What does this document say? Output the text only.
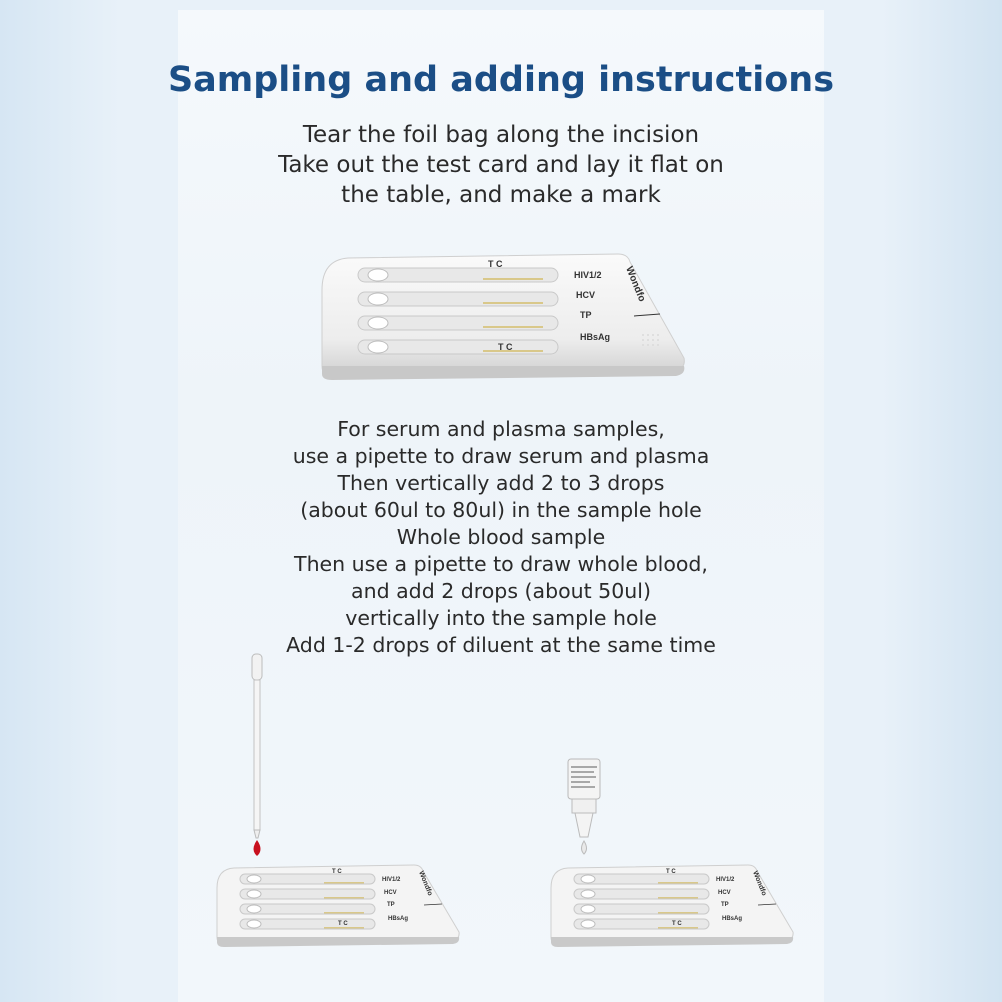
Sampling and adding instructions
Tear the foil bag along the incision
Take out the test card and lay it flat on
the table, and make a mark
T C
T C
HIV1/2
HCV
TP
HBsAg
Wondfo
For serum and plasma samples,
use a pipette to draw serum and plasma
Then vertically add 2 to 3 drops
(about 60ul to 80ul) in the sample hole
Whole blood sample
Then use a pipette to draw whole blood,
and add 2 drops (about 50ul)
vertically into the sample hole
Add 1-2 drops of diluent at the same time
T C
T C
HIV1/2
HCV
TP
HBsAg
Wondfo	T C
T C
HIV1/2
HCV
TP
HBsAg
Wondfo
